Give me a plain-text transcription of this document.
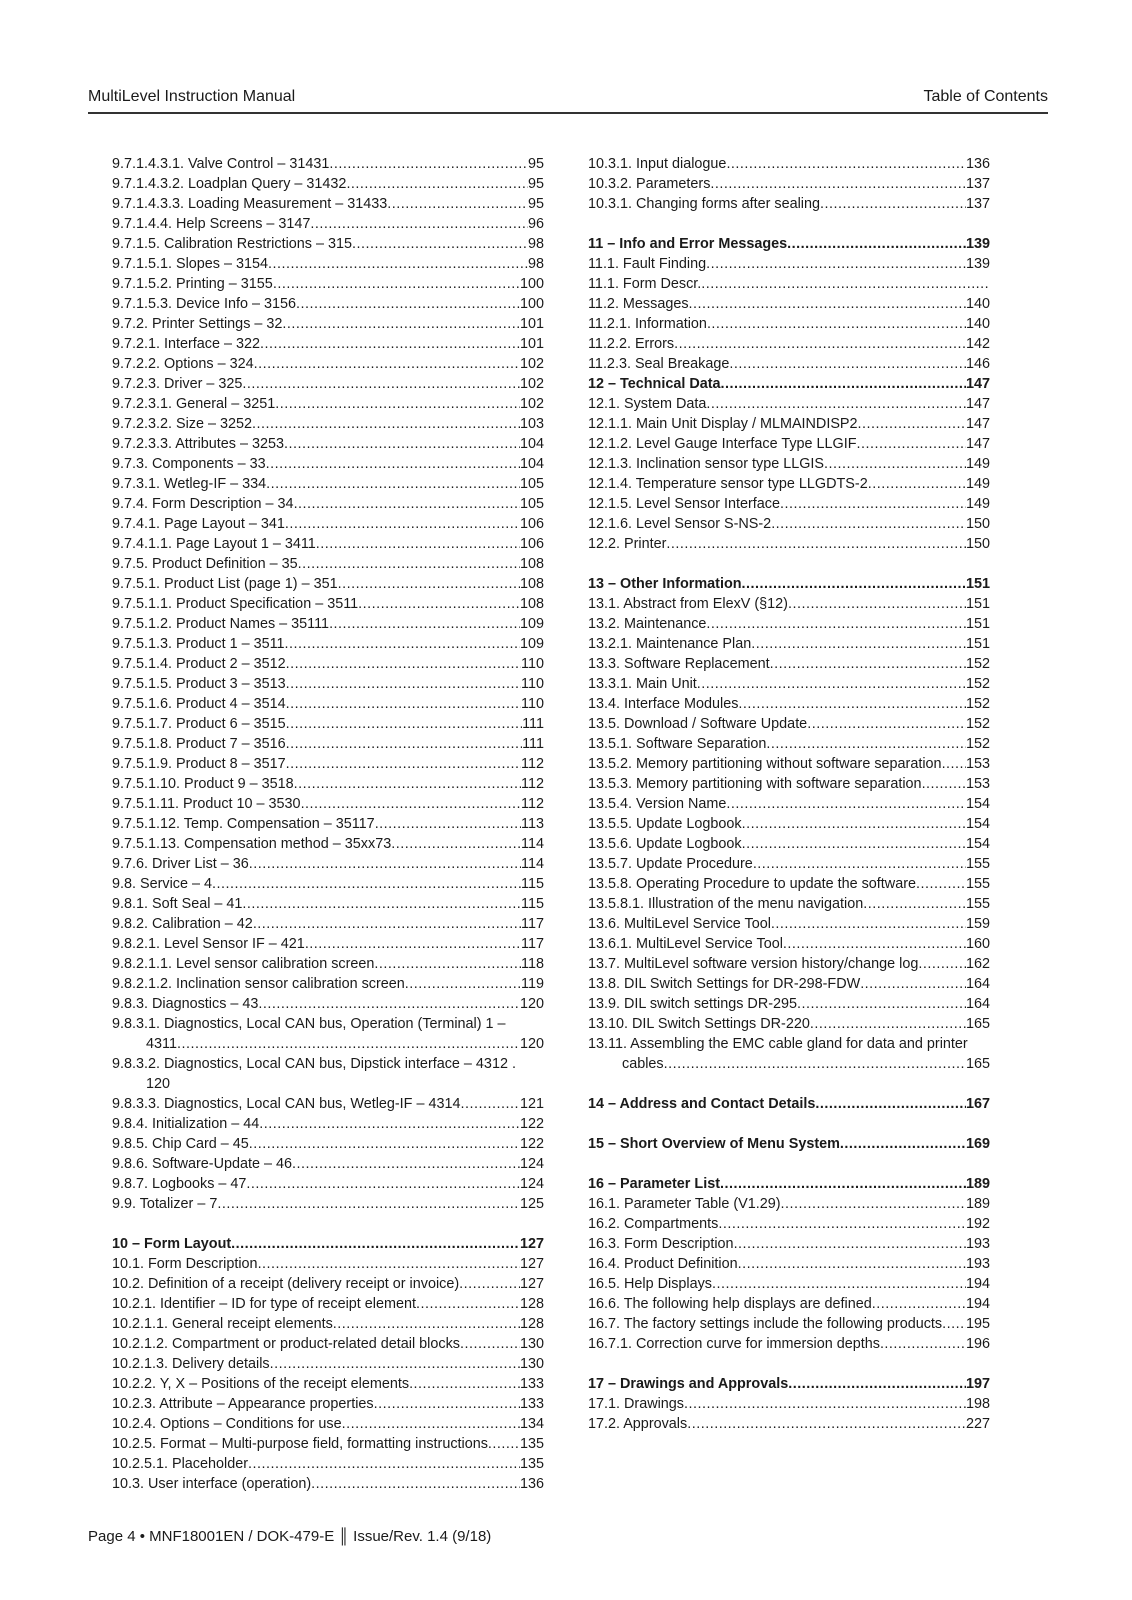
MultiLevel Instruction Manual	Table of Contents
9.7.1.4.3.1. Valve Control – 31431 .....	95
9.7.1.4.3.2. Loadplan Query – 31432 .....	95
9.7.1.4.3.3. Loading Measurement – 31433 .....	95
9.7.1.4.4. Help Screens – 3147 .....	96
9.7.1.5. Calibration Restrictions – 315 .....	98
9.7.1.5.1. Slopes – 3154 .....	98
9.7.1.5.2. Printing – 3155 .....	100
9.7.1.5.3. Device Info – 3156 .....	100
9.7.2. Printer Settings – 32 .....	101
9.7.2.1. Interface – 322 .....	101
9.7.2.2. Options – 324 .....	102
9.7.2.3. Driver – 325 .....	102
9.7.2.3.1. General – 3251 .....	102
9.7.2.3.2. Size – 3252 .....	103
9.7.2.3.3. Attributes – 3253 .....	104
9.7.3. Components – 33 .....	104
9.7.3.1. Wetleg-IF – 334 .....	105
9.7.4. Form Description – 34 .....	105
9.7.4.1. Page Layout – 341 .....	106
9.7.4.1.1. Page Layout 1 – 3411 .....	106
9.7.5. Product Definition – 35 .....	108
9.7.5.1. Product List (page 1) – 351 .....	108
9.7.5.1.1. Product Specification – 3511 .....	108
9.7.5.1.2. Product Names – 35111 .....	109
9.7.5.1.3. Product 1 – 3511 .....	109
9.7.5.1.4. Product 2 – 3512 .....	110
9.7.5.1.5. Product 3 – 3513 .....	110
9.7.5.1.6. Product 4 – 3514 .....	110
9.7.5.1.7. Product 6 – 3515 .....	111
9.7.5.1.8. Product 7 – 3516 .....	111
9.7.5.1.9. Product 8 – 3517 .....	112
9.7.5.1.10. Product 9 – 3518 .....	112
9.7.5.1.11. Product 10 – 3530 .....	112
9.7.5.1.12. Temp. Compensation – 35117 .....	113
9.7.5.1.13. Compensation method – 35xx73 .....	114
9.7.6. Driver List – 36 .....	114
9.8. Service – 4 .....	115
9.8.1. Soft Seal – 41 .....	115
9.8.2. Calibration – 42 .....	117
9.8.2.1. Level Sensor IF – 421 .....	117
9.8.2.1.1. Level sensor calibration screen .....	118
9.8.2.1.2. Inclination sensor calibration screen .....	119
9.8.3. Diagnostics – 43 .....	120
9.8.3.1. Diagnostics, Local CAN bus, Operation (Terminal) 1 –
4311 .....	120
9.8.3.2. Diagnostics, Local CAN bus, Dipstick interface – 4312 .
120
9.8.3.3. Diagnostics, Local CAN bus, Wetleg-IF – 4314 .....	121
9.8.4. Initialization – 44 .....	122
9.8.5. Chip Card – 45 .....	122
9.8.6. Software-Update – 46 .....	124
9.8.7. Logbooks – 47 .....	124
9.9. Totalizer – 7 .....	125
10 – Form Layout .....	127
10.1. Form Description .....	127
10.2. Definition of a receipt (delivery receipt or invoice) .....	127
10.2.1. Identifier – ID for type of receipt element .....	128
10.2.1.1. General receipt elements .....	128
10.2.1.2. Compartment or product-related detail blocks .....	130
10.2.1.3. Delivery details .....	130
10.2.2. Y, X – Positions of the receipt elements .....	133
10.2.3. Attribute – Appearance properties .....	133
10.2.4. Options – Conditions for use .....	134
10.2.5. Format – Multi-purpose field, formatting instructions ..... 135
10.2.5.1. Placeholder .....	135
10.3. User interface (operation) .....	136
10.3.1. Input dialogue .....	136
10.3.2. Parameters .....	137
10.3.1. Changing forms after sealing .....	137
11 – Info and Error Messages .....	139
11.1. Fault Finding .....	139
11.1. Form Descr.
.....
11.2. Messages .....	140
11.2.1. Information .....	140
11.2.2. Errors .....	142
11.2.3. Seal Breakage .....	146
12 – Technical Data .....	147
12.1. System Data .....	147
12.1.1. Main Unit Display / MLMAINDISP2 .....	147
12.1.2. Level Gauge Interface Type LLGIF .....	147
12.1.3. Inclination sensor type LLGIS .....	149
12.1.4. Temperature sensor type LLGDTS-2 .....	149
12.1.5. Level Sensor Interface .....	149
12.1.6. Level Sensor S-NS-2 .....	150
12.2. Printer .....	150
13 – Other Information .....	151
13.1. Abstract from ElexV (§12) .....	151
13.2. Maintenance .....	151
13.2.1. Maintenance Plan .....	151
13.3. Software Replacement .....	152
13.3.1. Main Unit .....	152
13.4. Interface Modules .....	152
13.5. Download / Software Update .....	152
13.5.1. Software Separation .....	152
13.5.2. Memory partitioning without software separation ..... 153
13.5.3. Memory partitioning with software separation .....	153
13.5.4. Version Name .....	154
13.5.5. Update Logbook .....	154
13.5.6. Update Logbook .....	154
13.5.7. Update Procedure .....	155
13.5.8. Operating Procedure to update the software .....	155
13.5.8.1. Illustration of the menu navigation .....	155
13.6. MultiLevel Service Tool .....	159
13.6.1. MultiLevel Service Tool .....	160
13.7. MultiLevel software version history/change log .....	162
13.8. DIL Switch Settings for DR-298-FDW .....	164
13.9. DIL switch settings DR-295 .....	164
13.10. DIL Switch Settings DR-220 .....	165
13.11. Assembling the EMC cable gland for data and printer
cables .....	165
14 – Address and Contact Details .....	167
15 – Short Overview of Menu System .....	169
16 – Parameter List .....	189
16.1. Parameter Table (V1.29) .....	189
16.2. Compartments .....	192
16.3. Form Description .....	193
16.4. Product Definition .....	193
16.5. Help Displays .....	194
16.6. The following help displays are defined .....	194
16.7. The factory settings include the following products ..... 195
16.7.1. Correction curve for immersion depths .....	196
17 – Drawings and Approvals .....	197
17.1. Drawings .....	198
17.2. Approvals .....	227
Page 4 • MNF18001EN / DOK-479-E ║ Issue/Rev. 1.4 (9/18)
